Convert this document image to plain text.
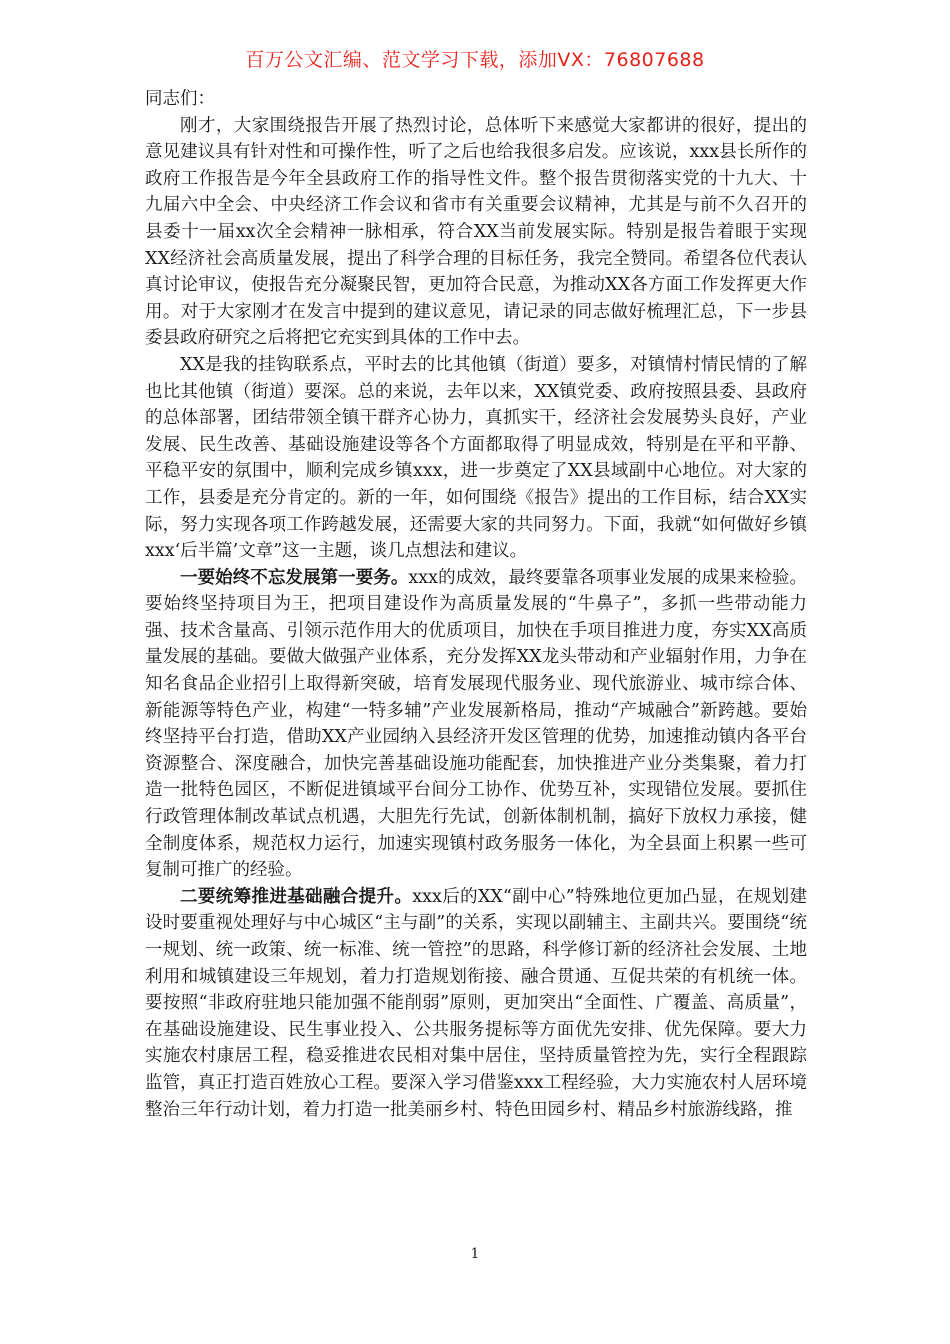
百万公文汇编、范文学习下载，添加VX：76807688

同志们：

刚才，大家围绕报告开展了热烈讨论，总体听下来感觉大家都讲的很好，提出的意见建议具有针对性和可操作性，听了之后也给我很多启发。应该说，xxx县长所作的政府工作报告是今年全县政府工作的指导性文件。整个报告贯彻落实党的十九大、十九届六中全会、中央经济工作会议和省市有关重要会议精神，尤其是与前不久召开的县委十一届xx次全会精神一脉相承，符合XX当前发展实际。特别是报告着眼于实现XX经济社会高质量发展，提出了科学合理的目标任务，我完全赞同。希望各位代表认真讨论审议，使报告充分凝聚民智，更加符合民意，为推动XX各方面工作发挥更大作用。对于大家刚才在发言中提到的建议意见，请记录的同志做好梳理汇总，下一步县委县政府研究之后将把它充实到具体的工作中去。

XX是我的挂钩联系点，平时去的比其他镇（街道）要多，对镇情村情民情的了解也比其他镇（街道）要深。总的来说，去年以来，XX镇党委、政府按照县委、县政府的总体部署，团结带领全镇干群齐心协力，真抓实干，经济社会发展势头良好，产业发展、民生改善、基础设施建设等各个方面都取得了明显成效，特别是在平和平静、平稳平安的氛围中，顺利完成乡镇xxx，进一步奠定了XX县域副中心地位。对大家的工作，县委是充分肯定的。新的一年，如何围绕《报告》提出的工作目标，结合XX实际，努力实现各项工作跨越发展，还需要大家的共同努力。下面，我就“如何做好乡镇xxx‘后半篇’文章”这一主题，谈几点想法和建议。

一要始终不忘发展第一要务。xxx的成效，最终要靠各项事业发展的成果来检验。要始终坚持项目为王，把项目建设作为高质量发展的“牛鼻子”，多抓一些带动能力强、技术含量高、引领示范作用大的优质项目，加快在手项目推进力度，夯实XX高质量发展的基础。要做大做强产业体系，充分发挥XX龙头带动和产业辐射作用，力争在知名食品企业招引上取得新突破，培育发展现代服务业、现代旅游业、城市综合体、新能源等特色产业，构建“一特多辅”产业发展新格局，推动“产城融合”新跨越。要始终坚持平台打造，借助XX产业园纳入县经济开发区管理的优势，加速推动镇内各平台资源整合、深度融合，加快完善基础设施功能配套，加快推进产业分类集聚，着力打造一批特色园区，不断促进镇域平台间分工协作、优势互补，实现错位发展。要抓住行政管理体制改革试点机遇，大胆先行先试，创新体制机制，搞好下放权力承接，健全制度体系，规范权力运行，加速实现镇村政务服务一体化，为全县面上积累一些可复制可推广的经验。

二要统筹推进基础融合提升。xxx后的XX“副中心”特殊地位更加凸显，在规划建设时要重视处理好与中心城区“主与副”的关系，实现以副辅主、主副共兴。要围绕“统一规划、统一政策、统一标准、统一管控”的思路，科学修订新的经济社会发展、土地利用和城镇建设三年规划，着力打造规划衔接、融合贯通、互促共荣的有机统一体。要按照“非政府驻地只能加强不能削弱”原则，更加突出“全面性、广覆盖、高质量”，在基础设施建设、民生事业投入、公共服务提标等方面优先安排、优先保障。要大力实施农村康居工程，稳妥推进农民相对集中居住，坚持质量管控为先，实行全程跟踪监管，真正打造百姓放心工程。要深入学习借鉴xxx工程经验，大力实施农村人居环境整治三年行动计划，着力打造一批美丽乡村、特色田园乡村、精品乡村旅游线路，推

1
